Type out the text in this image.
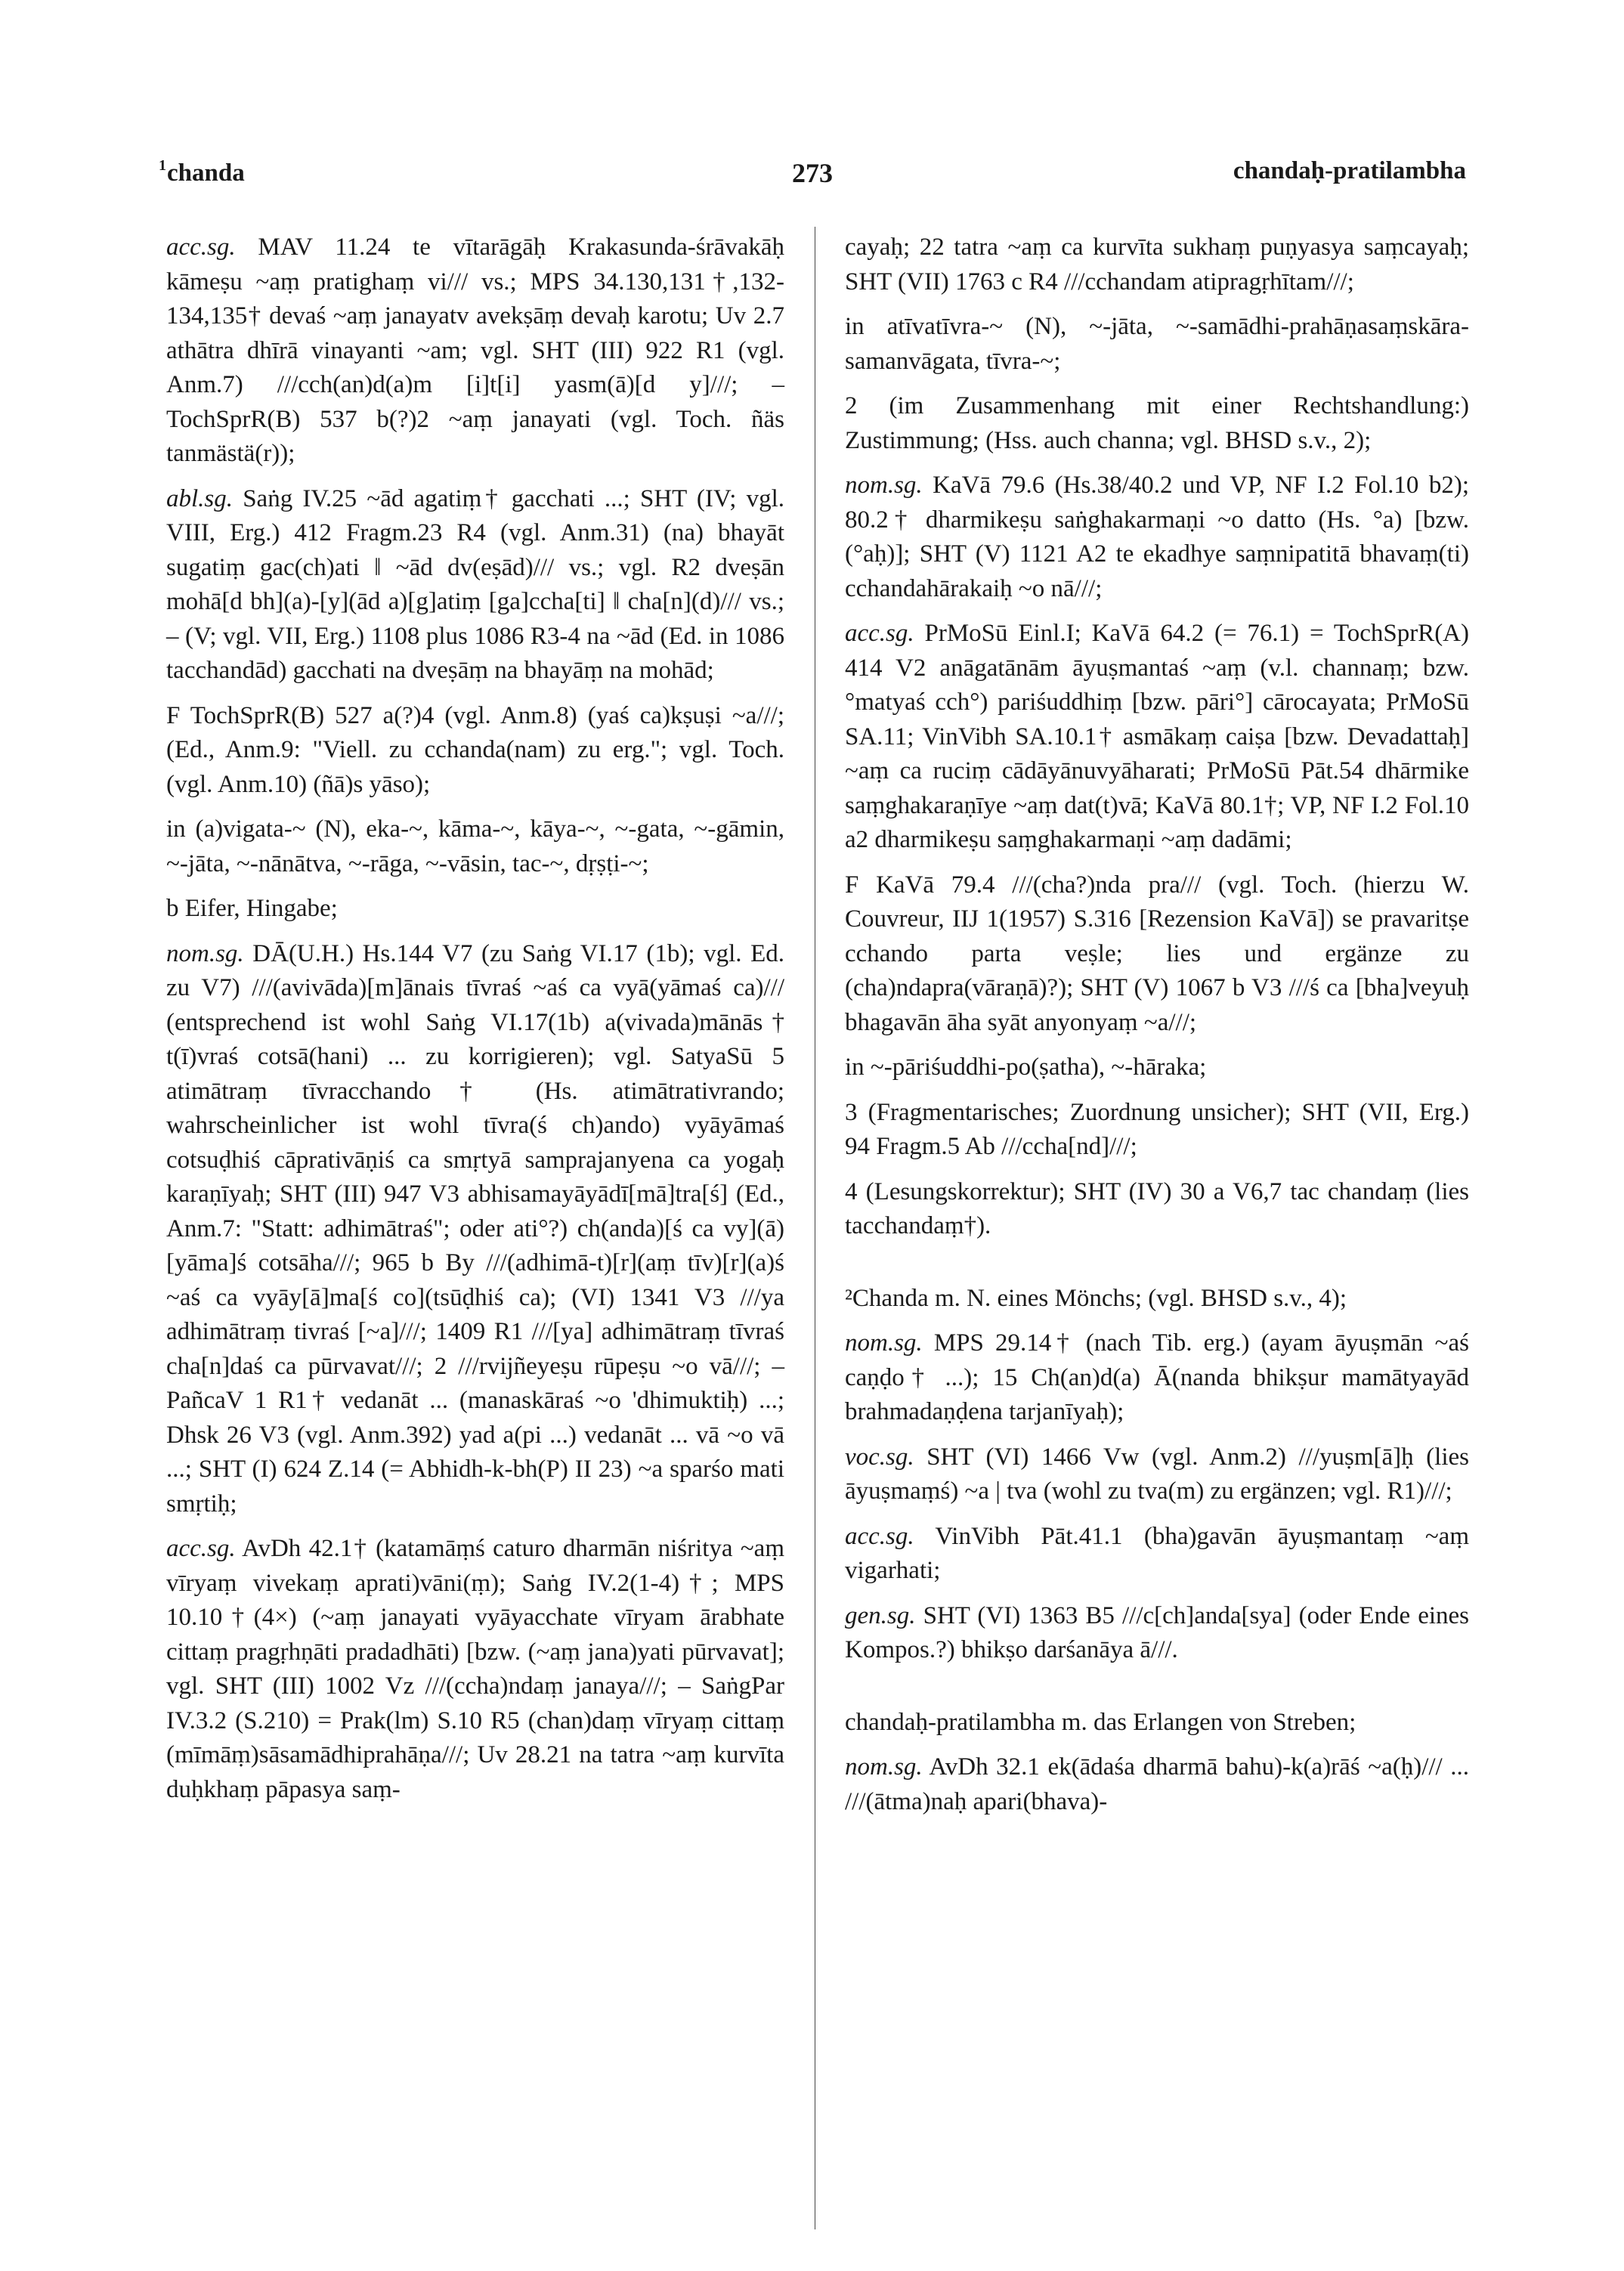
$^1$chanda	273	chandaḥ-pratilambha

acc.sg. MAV 11.24 te vītarāgāḥ Krakasunda-śrāvakāḥ kāmeṣu ~aṃ pratighaṃ vi/// vs.; MPS 34.130,131†,132-134,135† devaś ~aṃ janayatv avekṣāṃ devaḥ karotu; Uv 2.7 athātra dhīrā vinayanti ~am; vgl. SHT (III) 922 R1 (vgl. Anm.7) ///cch(an)d(a)m [i]t[i] yasm(ā)[d y]///; – TochSprR(B) 537 b(?)2 ~aṃ janayati (vgl. Toch. ñäs tanmästä(r));

abl.sg. Saṅg IV.25 ~ād agatiṃ† gacchati ...; SHT (IV; vgl. VIII, Erg.) 412 Fragm.23 R4 (vgl. Anm.31) (na) bhayāt sugatiṃ gac(ch)ati ‖ ~ād dv(eṣād)/// vs.; vgl. R2 dveṣān mohā[d bh](a)-[y](ād a)[g]atiṃ [ga]ccha[ti] ‖ cha[n](d)/// vs.; – (V; vgl. VII, Erg.) 1108 plus 1086 R3-4 na ~ād (Ed. in 1086 tacchandād) gacchati na dveṣāṃ na bhayāṃ na mohād;

F TochSprR(B) 527 a(?)4 (vgl. Anm.8) (yaś ca)kṣuṣi ~a///; (Ed., Anm.9: "Viell. zu cchanda(nam) zu erg."; vgl. Toch. (vgl. Anm.10) (ñā)s yāso);

in (a)vigata-~ (N), eka-~, kāma-~, kāya-~, ~-gata, ~-gāmin, ~-jāta, ~-nānātva, ~-rāga, ~-vāsin, tac-~, dṛṣṭi-~;

b Eifer, Hingabe;

nom.sg. DĀ(U.H.) Hs.144 V7 (zu Saṅg VI.17 (1b); vgl. Ed. zu V7) ///(avivāda)[m]ānais tīvraś ~aś ca vyā(yāmaś ca)/// (entsprechend ist wohl Saṅg VI.17(1b) a(vivada)mānās† t(ī)vraś cotsā(hani) ... zu korrigieren); vgl. SatyaSū 5 atimātraṃ tīvracchando† (Hs. atimātrativrando; wahrscheinlicher ist wohl tīvra(ś ch)ando) vyāyāmaś cotsuḍhiś cāprativāṇiś ca smṛtyā samprajanyena ca yogaḥ karaṇīyaḥ; SHT (III) 947 V3 abhisamayāyādī[mā]tra[ś] (Ed., Anm.7: "Statt: adhimātraś"; oder ati°?) ch(anda)[ś ca vy](ā)[yāma]ś cotsāha///; 965 b By ///(adhimā-t)[r](aṃ tīv)[r](a)ś ~aś ca vyāy[ā]ma[ś co](tsūḍhiś ca); (VI) 1341 V3 ///ya adhimātraṃ tivraś [~a]///; 1409 R1 ///[ya] adhimātraṃ tīvraś cha[n]daś ca pūrvavat///; 2 ///rvijñeyeṣu rūpeṣu ~o vā///; – PañcaV 1 R1† vedanāt ... (manaskāraś ~o 'dhimuktiḥ) ...; Dhsk 26 V3 (vgl. Anm.392) yad a(pi ...) vedanāt ... vā ~o vā ...; SHT (I) 624 Z.14 (= Abhidh-k-bh(P) II 23) ~a sparśo mati smṛtiḥ;

acc.sg. AvDh 42.1† (katamāṃś caturo dharmān niśritya ~aṃ vīryaṃ vivekaṃ aprati)vāni(ṃ); Saṅg IV.2(1-4)†; MPS 10.10†(4×) (~aṃ janayati vyāyacchate vīryam ārabhate cittaṃ pragṛhṇāti pradadhāti) [bzw. (~aṃ jana)yati pūrvavat]; vgl. SHT (III) 1002 Vz ///(ccha)ndaṃ janaya///; – SaṅgPar IV.3.2 (S.210) = Prak(lm) S.10 R5 (chan)daṃ vīryaṃ cittaṃ (mīmāṃ)sāsamādhiprahāṇa///; Uv 28.21 na tatra ~aṃ kurvīta duḥkhaṃ pāpasya saṃ-

cayaḥ; 22 tatra ~aṃ ca kurvīta sukhaṃ puṇyasya saṃcayaḥ; SHT (VII) 1763 c R4 ///cchandam atipragṛhītam///;

in atīvatīvra-~ (N), ~-jāta, ~-samādhi-prahāṇasaṃskāra-samanvāgata, tīvra-~;

2 (im Zusammenhang mit einer Rechtshandlung:) Zustimmung; (Hss. auch channa; vgl. BHSD s.v., 2);

nom.sg. KaVā 79.6 (Hs.38/40.2 und VP, NF I.2 Fol.10 b2); 80.2† dharmikeṣu saṅghakarmaṇi ~o datto (Hs. °a) [bzw. (°aḥ)]; SHT (V) 1121 A2 te ekadhye saṃnipatitā bhavaṃ(ti) cchandahārakaiḥ ~o nā///;

acc.sg. PrMoSū Einl.I; KaVā 64.2 (= 76.1) = TochSprR(A) 414 V2 anāgatānām āyuṣmantaś ~aṃ (v.l. channaṃ; bzw. °matyaś cch°) pariśuddhiṃ [bzw. pāri°] cārocayata; PrMoSū SA.11; VinVibh SA.10.1† asmākaṃ caiṣa [bzw. Devadattaḥ] ~aṃ ca ruciṃ cādāyānuvyāharati; PrMoSū Pāt.54 dhārmike saṃghakaraṇīye ~aṃ dat(t)vā; KaVā 80.1†; VP, NF I.2 Fol.10 a2 dharmikeṣu saṃghakarmaṇi ~aṃ dadāmi;

F KaVā 79.4 ///(cha?)nda pra/// (vgl. Toch. (hierzu W. Couvreur, IIJ 1(1957) S.316 [Rezension KaVā]) se pravaritṣe cchando parta veṣle; lies und ergänze zu (cha)ndapra(vāraṇā)?); SHT (V) 1067 b V3 ///ś ca [bha]veyuḥ bhagavān āha syāt anyonyaṃ ~a///;

in ~-pāriśuddhi-po(ṣatha), ~-hāraka;

3 (Fragmentarisches; Zuordnung unsicher); SHT (VII, Erg.) 94 Fragm.5 Ab ///ccha[nd]///;

4 (Lesungskorrektur); SHT (IV) 30 a V6,7 tac chandaṃ (lies tacchandaṃ†).

²Chanda m. N. eines Mönchs; (vgl. BHSD s.v., 4);

nom.sg. MPS 29.14† (nach Tib. erg.) (ayam āyuṣmān ~aś caṇḍo† ...); 15 Ch(an)d(a) Ā(nanda bhikṣur mamātyayād brahmadaṇḍena tarjanīyaḥ);

voc.sg. SHT (VI) 1466 Vw (vgl. Anm.2) ///yuṣm[ā]ḥ (lies āyuṣmaṃś) ~a | tva (wohl zu tva(m) zu ergänzen; vgl. R1)///;

acc.sg. VinVibh Pāt.41.1 (bha)gavān āyuṣmantaṃ ~aṃ vigarhati;

gen.sg. SHT (VI) 1363 B5 ///c[ch]anda[sya] (oder Ende eines Kompos.?) bhikṣo darśanāya ā///.

chandaḥ-pratilambha m. das Erlangen von Streben;

nom.sg. AvDh 32.1 ek(ādaśa dharmā bahu)-k(a)rāś ~a(ḥ)/// ... ///(ātma)naḥ apari(bhava)-
